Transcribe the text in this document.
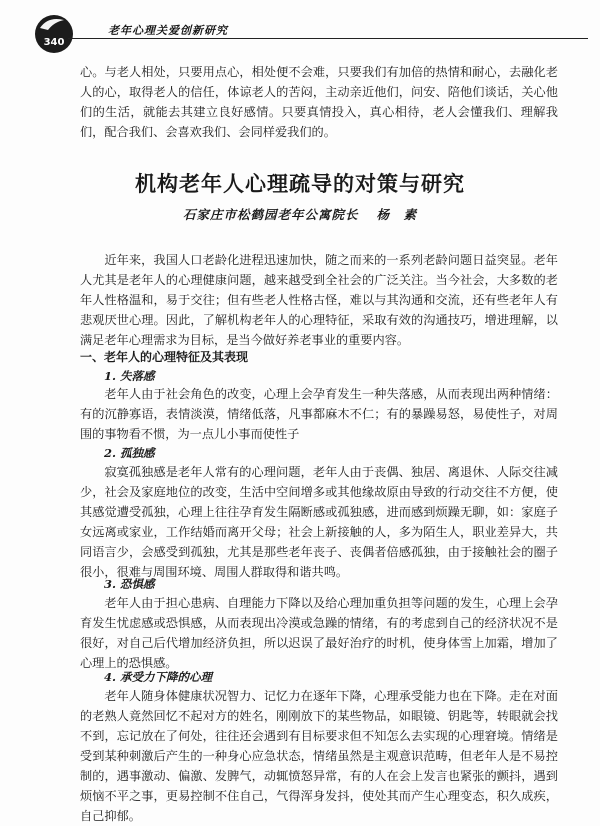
340
老年心理关爱创新研究

心。与老人相处，只要用点心，相处便不会难，只要我们有加倍的热情和耐心，去融化老人的心，取得老人的信任，体谅老人的苦闷，主动亲近他们，问安、陪他们谈话，关心他们的生活，就能去其建立良好感情。只要真情投入，真心相待，老人会懂我们、理解我们，配合我们、会喜欢我们、会同样爱我们的。

机构老年人心理疏导的对策与研究
石家庄市松鹤园老年公寓院长 杨　素

近年来，我国人口老龄化进程迅速加快，随之而来的一系列老龄问题日益突显。老年人尤其是老年人的心理健康问题，越来越受到全社会的广泛关注。当今社会，大多数的老年人性格温和，易于交往；但有些老人性格古怪，难以与其沟通和交流，还有些老年人有悲观厌世心理。因此，了解机构老年人的心理特征，采取有效的沟通技巧，增进理解，以满足老年心理需求为目标，是当今做好养老事业的重要内容。

一、老年人的心理特征及其表现
1. 失落感

老年人由于社会角色的改变，心理上会孕育发生一种失落感，从而表现出两种情绪：有的沉静寡语，表情淡漠，情绪低落，凡事都麻木不仁；有的暴躁易怒，易使性子，对周围的事物看不惯，为一点儿小事而使性子

2. 孤独感

寂寞孤独感是老年人常有的心理问题，老年人由于丧偶、独居、离退休、人际交往减少，社会及家庭地位的改变，生活中空间增多或其他缘故原由导致的行动交往不方便，使其感觉遭受孤独，心理上往往孕育发生隔断感或孤独感，进而感到烦躁无聊，如：家庭子女远离或家业，工作结婚而离开父母；社会上新接触的人，多为陌生人，职业差异大，共同语言少，会感受到孤独，尤其是那些老年丧子、丧偶者倍感孤独，由于接触社会的圈子很小，很难与周围环境、周围人群取得和谐共鸣。

3. 恐惧感

老年人由于担心患病、自理能力下降以及给心理加重负担等问题的发生，心理上会孕育发生忧虑感或恐惧感，从而表现出冷漠或急躁的情绪，有的考虑到自己的经济状况不是很好，对自己后代增加经济负担，所以迟误了最好治疗的时机，使身体雪上加霜，增加了心理上的恐惧感。

4. 承受力下降的心理

老年人随身体健康状况智力、记忆力在逐年下降，心理承受能力也在下降。走在对面的老熟人竟然回忆不起对方的姓名，刚刚放下的某些物品，如眼镜、钥匙等，转眼就会找不到，忘记放在了何处，往往还会遇到有目标要求但不知怎么去实现的心理窘境。情绪是受到某种刺激后产生的一种身心应急状态，情绪虽然是主观意识范畴，但老年人是不易控制的，遇事激动、偏激、发脾气，动辄愤怒异常，有的人在会上发言也紧张的颤抖，遇到烦恼不平之事，更易控制不住自己，气得浑身发抖，使处其而产生心理变态，积久成疾，自己抑郁。
